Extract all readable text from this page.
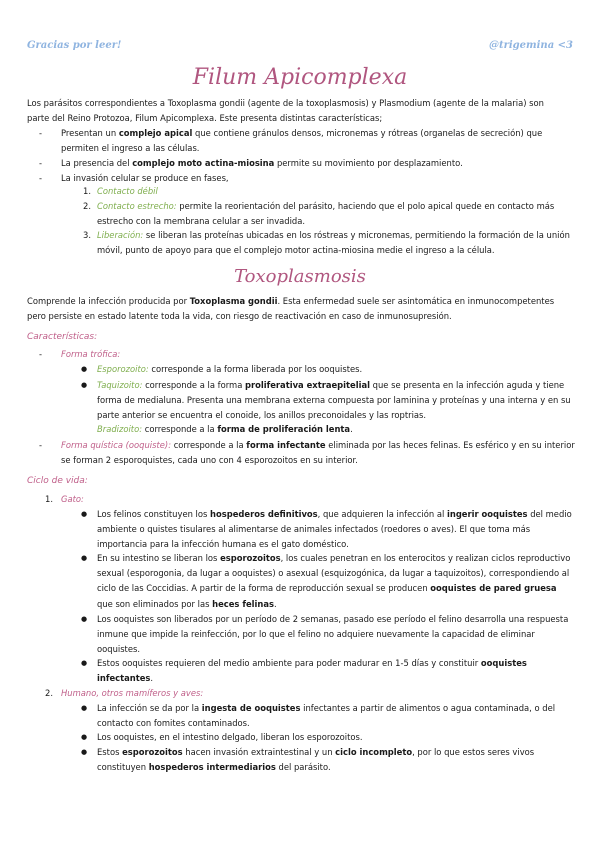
Gracias por leer!	@trigemina <3
Filum Apicomplexa
Los parásitos correspondientes a Toxoplasma gondii (agente de la toxoplasmosis) y Plasmodium (agente de la malaria) son
parte del Reino Protozoa, Filum Apicomplexa. Este presenta distintas características;
- Presentan un complejo apical que contiene gránulos densos, micronemas y rótreas (organelas de secreción) que permiten el ingreso a las células.
- La presencia del complejo moto actina-miosina permite su movimiento por desplazamiento.
- La invasión celular se produce en fases,
1. Contacto débil
2. Contacto estrecho: permite la reorientación del parásito, haciendo que el polo apical quede en contacto más estrecho con la membrana celular a ser invadida.
3. Liberación: se liberan las proteínas ubicadas en los róstreas y micronemas, permitiendo la formación de la unión móvil, punto de apoyo para que el complejo motor actina-miosina medie el ingreso a la célula.
Toxoplasmosis
Comprende la infección producida por Toxoplasma gondii. Esta enfermedad suele ser asintomática en inmunocompetentes pero persiste en estado latente toda la vida, con riesgo de reactivación en caso de inmunosupresión.
Características:
- Forma trófica:
● Esporozoito: corresponde a la forma liberada por los ooquistes.
● Taquizoito: corresponde a la forma proliferativa extraepitelial que se presenta en la infección aguda y tiene forma de medialuna. Presenta una membrana externa compuesta por laminina y proteínas y una interna y en su parte anterior se encuentra el conoide, los anillos preconoidales y las roptrias.
Bradizoito: corresponde a la forma de proliferación lenta.
- Forma quística (ooquiste): corresponde a la forma infectante eliminada por las heces felinas. Es esférico y en su interior se forman 2 esporoquistes, cada uno con 4 esporozoitos en su interior.
Ciclo de vida:
1. Gato:
● Los felinos constituyen los hospederos definitivos, que adquieren la infección al ingerir ooquistes del medio ambiente o quistes tisulares al alimentarse de animales infectados (roedores o aves). El que toma más importancia para la infección humana es el gato doméstico.
● En su intestino se liberan los esporozoitos, los cuales penetran en los enterocitos y realizan ciclos reproductivo sexual (esporogonia, da lugar a ooquistes) o asexual (esquizogónica, da lugar a taquizoitos), correspondiendo al ciclo de las Coccidias. A partir de la forma de reproducción sexual se producen ooquistes de pared gruesa que son eliminados por las heces felinas.
● Los ooquistes son liberados por un período de 2 semanas, pasado ese período el felino desarrolla una respuesta inmune que impide la reinfección, por lo que el felino no adquiere nuevamente la capacidad de eliminar ooquistes.
● Estos ooquistes requieren del medio ambiente para poder madurar en 1-5 días y constituir ooquistes infectantes.
2. Humano, otros mamíferos y aves:
● La infección se da por la ingesta de ooquistes infectantes a partir de alimentos o agua contaminada, o del contacto con fomites contaminados.
● Los ooquistes, en el intestino delgado, liberan los esporozoitos.
● Estos esporozoitos hacen invasión extraintestinal y un ciclo incompleto, por lo que estos seres vivos constituyen hospederos intermediarios del parásito.
